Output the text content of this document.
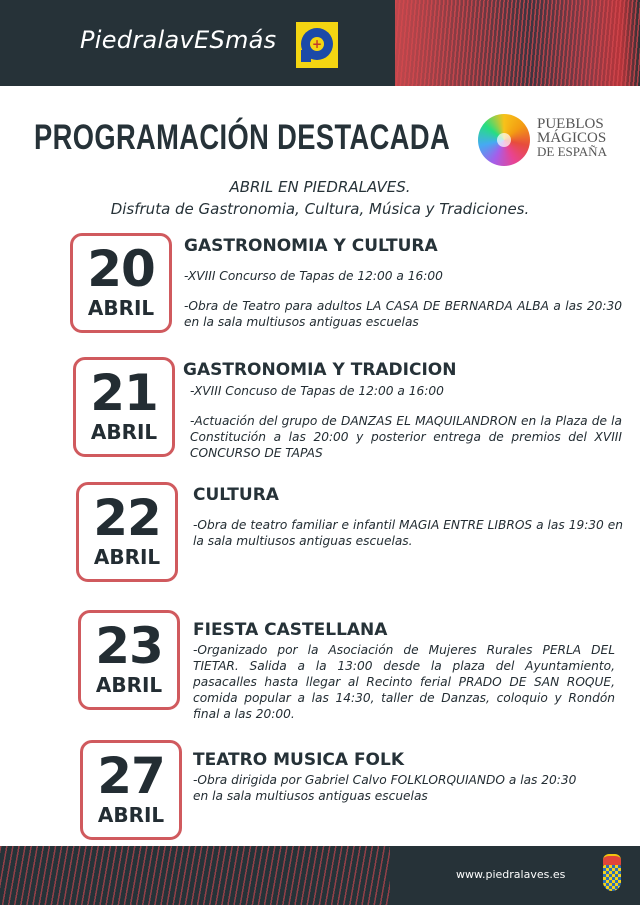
PiedralavESmás	+
PROGRAMACIÓN DESTACADA	PUEBLOS
MÁGICOS
DE ESPAÑA
ABRIL EN PIEDRALAVES.
Disfruta de Gastronomia, Cultura, Música y Tradiciones.
20
ABRIL
GASTRONOMIA Y CULTURA

-XVIII Concurso de Tapas de 12:00 a 16:00

-Obra de Teatro para adultos LA CASA DE BERNARDA ALBA a las 20:30 en la sala multiusos antiguas escuelas

21
ABRIL
GASTRONOMIA Y TRADICION

-XVIII Concuso de Tapas de 12:00 a 16:00

-Actuación del grupo de DANZAS EL MAQUILANDRON en la Plaza de la Constitución a las 20:00 y posterior entrega de premios del XVIII CONCURSO DE TAPAS

22
ABRIL
CULTURA

-Obra de teatro familiar e infantil MAGIA ENTRE LIBROS a las 19:30 en la sala multiusos antiguas escuelas.

23
ABRIL
FIESTA CASTELLANA

-Organizado por la Asociación de Mujeres Rurales PERLA DEL TIETAR. Salida a la 13:00 desde la plaza del Ayuntamiento, pasacalles hasta llegar al Recinto ferial PRADO DE SAN ROQUE, comida popular a las 14:30, taller de Danzas, coloquio y Rondón final a las 20:00.

27
ABRIL
TEATRO MUSICA FOLK

-Obra dirigida por Gabriel Calvo FOLKLORQUIANDO a las 20:30 en la sala multiusos antiguas escuelas

www.piedralaves.es
